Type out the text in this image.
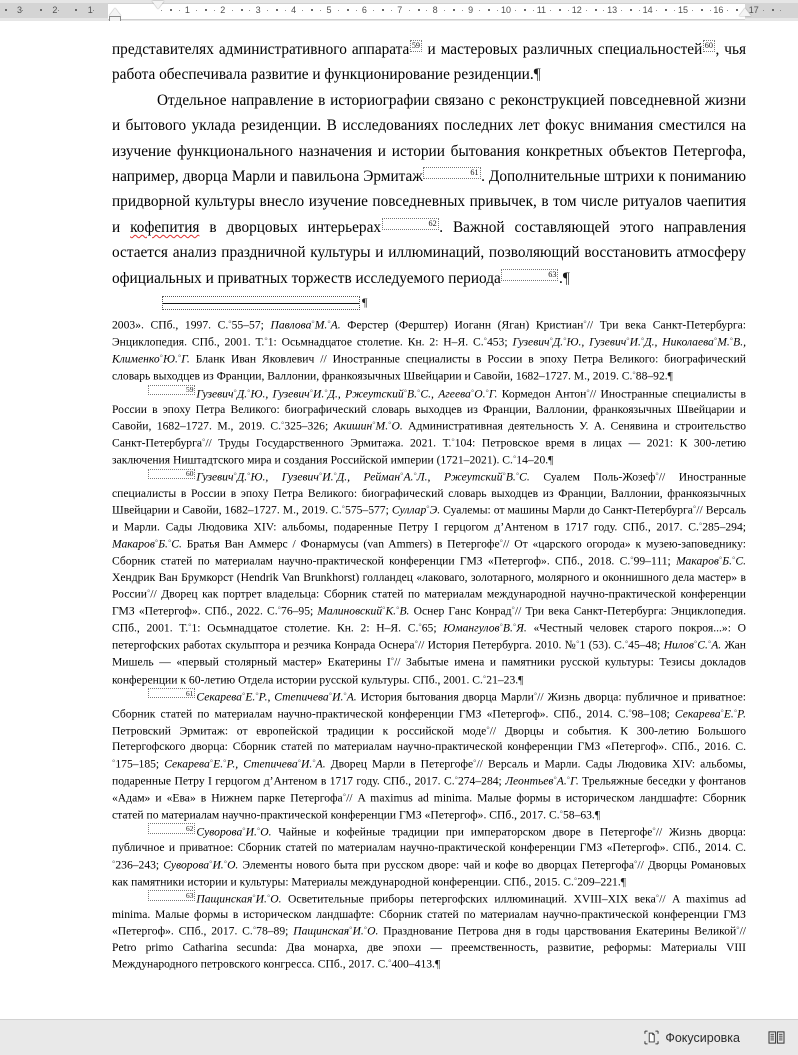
3	2	1	1	2	3	4	5	6	7	8	9	10	11	12	13	14	15	16	17

представителях административного аппарата 59 и мастеровых различных специальностей 60 , чья работа обеспечивала развитие и функционирование резиденции.¶

Отдельное направление в историографии связано с реконструкцией повседневной жизни и бытового уклада резиденции. В исследованиях последних лет фокус внимания сместился на изучение функционального назначения и истории бытования конкретных объектов Петергофа, например, дворца Марли и павильона Эрмитаж	61 . Дополнительные штрихи к пониманию придворной культуры внесло изучение повседневных привычек, в том числе ритуалов чаепития и кофепития в дворцовых интерьерах	62 . Важной составляющей этого направления остается анализ праздничной культуры и иллюминаций, позволяющий восстановить атмосферу официальных и приватных торжеств исследуемого периода	63 .¶

¶

2003». СПб., 1997. С.°55–57; Павлова°М.°А. Ферстер (Ферштер) Иоганн (Яган) Кристиан°// Три века Санкт-Петербурга: Энциклопедия. СПб., 2001. Т.°1: Осьмнадцатое столетие. Кн. 2: Н–Я. С.°453; Гузевич°Д.°Ю., Гузевич°И.°Д., Николаева°М.°В., Клименко°Ю.°Г. Бланк Иван Яковлевич // Иностранные специалисты в России в эпоху Петра Великого: биографический словарь выходцев из Франции, Валлонии, франкоязычных Швейцарии и Савойи, 1682–1727. М., 2019. С.°88–92.¶

59 Гузевич°Д.°Ю., Гузевич°И.°Д., Ржеутский°В.°С., Агеева°О.°Г. Кормедон Антон°// Иностранные специалисты в России в эпоху Петра Великого: биографический словарь выходцев из Франции, Валлонии, франкоязычных Швейцарии и Савойи, 1682–1727. М., 2019. С.°325–326; Акишин°М.°О. Административная деятельность У. А. Сенявина и строительство Санкт-Петербурга°// Труды Государственного Эрмитажа. 2021. Т.°104: Петровское время в лицах — 2021: К 300-летию заключения Ништадтского мира и создания Российской империи (1721–2021). С.°14–20.¶

60 Гузевич°Д.°Ю., Гузевич°И.°Д., Рейман°А.°Л., Ржеутский°В.°С. Суалем Поль-Жозеф°// Иностранные специалисты в России в эпоху Петра Великого: биографический словарь выходцев из Франции, Валлонии, франкоязычных Швейцарии и Савойи, 1682–1727. М., 2019. С.°575–577; Суллар°Э. Суалемы: от машины Марли до Санкт-Петербурга°// Версаль и Марли. Сады Людовика XIV: альбомы, подаренные Петру I герцогом д’Антеном в 1717 году. СПб., 2017. С.°285–294; Макаров°Б.°С. Братья Ван Аммерс / Фонармусы (van Ammers) в Петергофе°// От «царского огорода» к музею-заповеднику: Сборник статей по материалам научно-практической конференции ГМЗ «Петергоф». СПб., 2018. С.°99–111; Макаров°Б.°С. Хендрик Ван Брумкорст (Hendrik Van Brunkhorst) голландец «лаковаго, золотарного, молярного и оконнишного дела мастер» в России°// Дворец как портрет владельца: Сборник статей по материалам международной научно-практической конференции ГМЗ «Петергоф». СПб., 2022. С.°76–95; Малиновский°К.°В. Оснер Ганс Конрад°// Три века Санкт-Петербурга: Энциклопедия. СПб., 2001. Т.°1: Осьмнадцатое столетие. Кн. 2: Н–Я. С.°65; Юмангулов°В.°Я. «Честный человек старого покроя...»: О петергофских работах скульптора и резчика Конрада Оснера°// История Петербурга. 2010. №°1 (53). С.°45–48; Нилов°С.°А. Жан Мишель — «первый столярный мастер» Екатерины I°// Забытые имена и памятники русской культуры: Тезисы докладов конференции к 60-летию Отдела истории русской культуры. СПб., 2001. С.°21–23.¶

61 Секарева°Е.°Р., Степичева°И.°А. История бытования дворца Марли°// Жизнь дворца: публичное и приватное: Сборник статей по материалам научно-практической конференции ГМЗ «Петергоф». СПб., 2014. С.°98–108; Секарева°Е.°Р. Петровский Эрмитаж: от европейской традиции к российской моде°// Дворцы и события. К 300-летию Большого Петергофского дворца: Сборник статей по материалам научно-практической конференции ГМЗ «Петергоф». СПб., 2016. С.°175–185; Секарева°Е.°Р., Степичева°И.°А. Дворец Марли в Петергофе°// Версаль и Марли. Сады Людовика XIV: альбомы, подаренные Петру I герцогом д’Антеном в 1717 году. СПб., 2017. С.°274–284; Леонтьев°А.°Г. Трельяжные беседки у фонтанов «Адам» и «Ева» в Нижнем парке Петергофа°// A maximus ad minima. Малые формы в историческом ландшафте: Сборник статей по материалам научно-практической конференции ГМЗ «Петергоф». СПб., 2017. С.°58–63.¶

62 Суворова°И.°О. Чайные и кофейные традиции при императорском дворе в Петергофе°// Жизнь дворца: публичное и приватное: Сборник статей по материалам научно-практической конференции ГМЗ «Петергоф». СПб., 2014. С.°236–243; Суворова°И.°О. Элементы нового быта при русском дворе: чай и кофе во дворцах Петергофа°// Дворцы Романовых как памятники истории и культуры: Материалы международной конференции. СПб., 2015. С.°209–221.¶

63 Пащинская°И.°О. Осветительные приборы петергофских иллюминаций. XVIII–XIX века°// A maximus ad minima. Малые формы в историческом ландшафте: Сборник статей по материалам научно-практической конференции ГМЗ «Петергоф». СПб., 2017. С.°78–89; Пащинская°И.°О. Празднование Петрова дня в годы царствования Екатерины Великой°// Petro primo Catharina secunda: Два монарха, две эпохи — преемственность, развитие, реформы: Материалы VIII Международного петровского конгресса. СПб., 2017. С.°400–413.¶

Фокусировка
